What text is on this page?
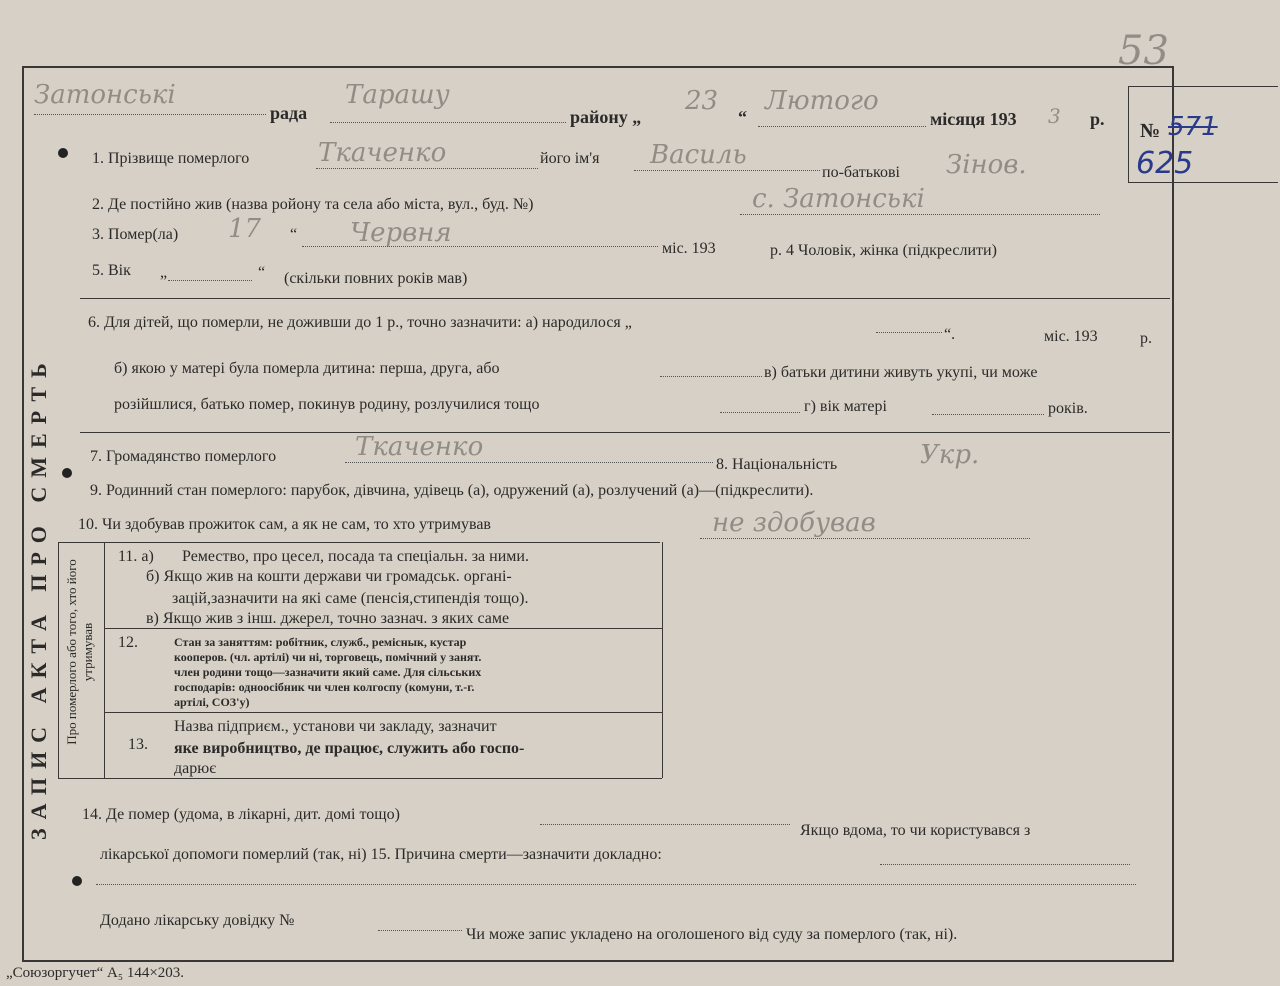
53
Затонські
рада
Тарашу
району „
23
“
Лютого
місяця 193 3 р.
№ 571
625
ЗАПИС АКТА ПРО СМЕРТЬ
1. Прізвище померлого	Ткаченко	його ім'я Василь
по-батькові Зінов.
2. Де постійно жив (назва ройону та села або міста, вул., буд. №)	с. Затонські
3. Помер(ла) 17 “ Червня
міс. 193	р. 4 Чоловік, жінка (підкреслити)
5. Вік „	“ (скільки повних років мав)
6. Для дітей, що померли, не доживши до 1 р., точно зазначити: а) народилося „
“.	міс. 193	р.
б) якою у матері була померла дитина: перша, друга, або	в) батьки дитини живуть укупі, чи може
розійшлися, батько помер, покинув родину, розлучилися тощо	г) вік матері	років.
7. Громадянство померлого	Ткаченко
8. Національність	Укр.
9. Родинний стан померлого: парубок, дівчина, удівець (а), одружений (а), розлучений (а)—(підкреслити).
10. Чи здобував прожиток сам, а як не сам, то хто утримував	не здобував
Про померлого або того, хто його утримував
11. а) Ремество, про цесел, посада та спеціальн. за ними.
б) Якщо жив на кошти держави чи громадськ. органі-
зацій,зазначити на які саме (пенсія,стипендія тощо).
в) Якщо жив з інш. джерел, точно зазнач. з яких саме
12.	Стан за заняттям: робітник, служб., реміснык, кустар
кооперов. (чл. артілі) чи ні, торговець, помічний у занят.
член родини тощо—зазначити який саме. Для сільських
господарів: одноосібник чи член колгоспу (комуни, т.-г.
артілі, СОЗ'у)
13.
Назва підприєм., установи чи закладу, зазначит
яке виробництво, де працює, служить або госпо-
дарює
14. Де помер (удома, в лікарні, дит. домі тощо)
Якщо вдома, то чи користувався з
лікарської допомоги померлий (так, ні) 15. Причина смерти—зазначити докладно:
Додано лікарську довідку №
Чи може запис укладено на оголошеного від суду за померлого (так, ні).
„Союзоргучет“ А₅ 144×203.
